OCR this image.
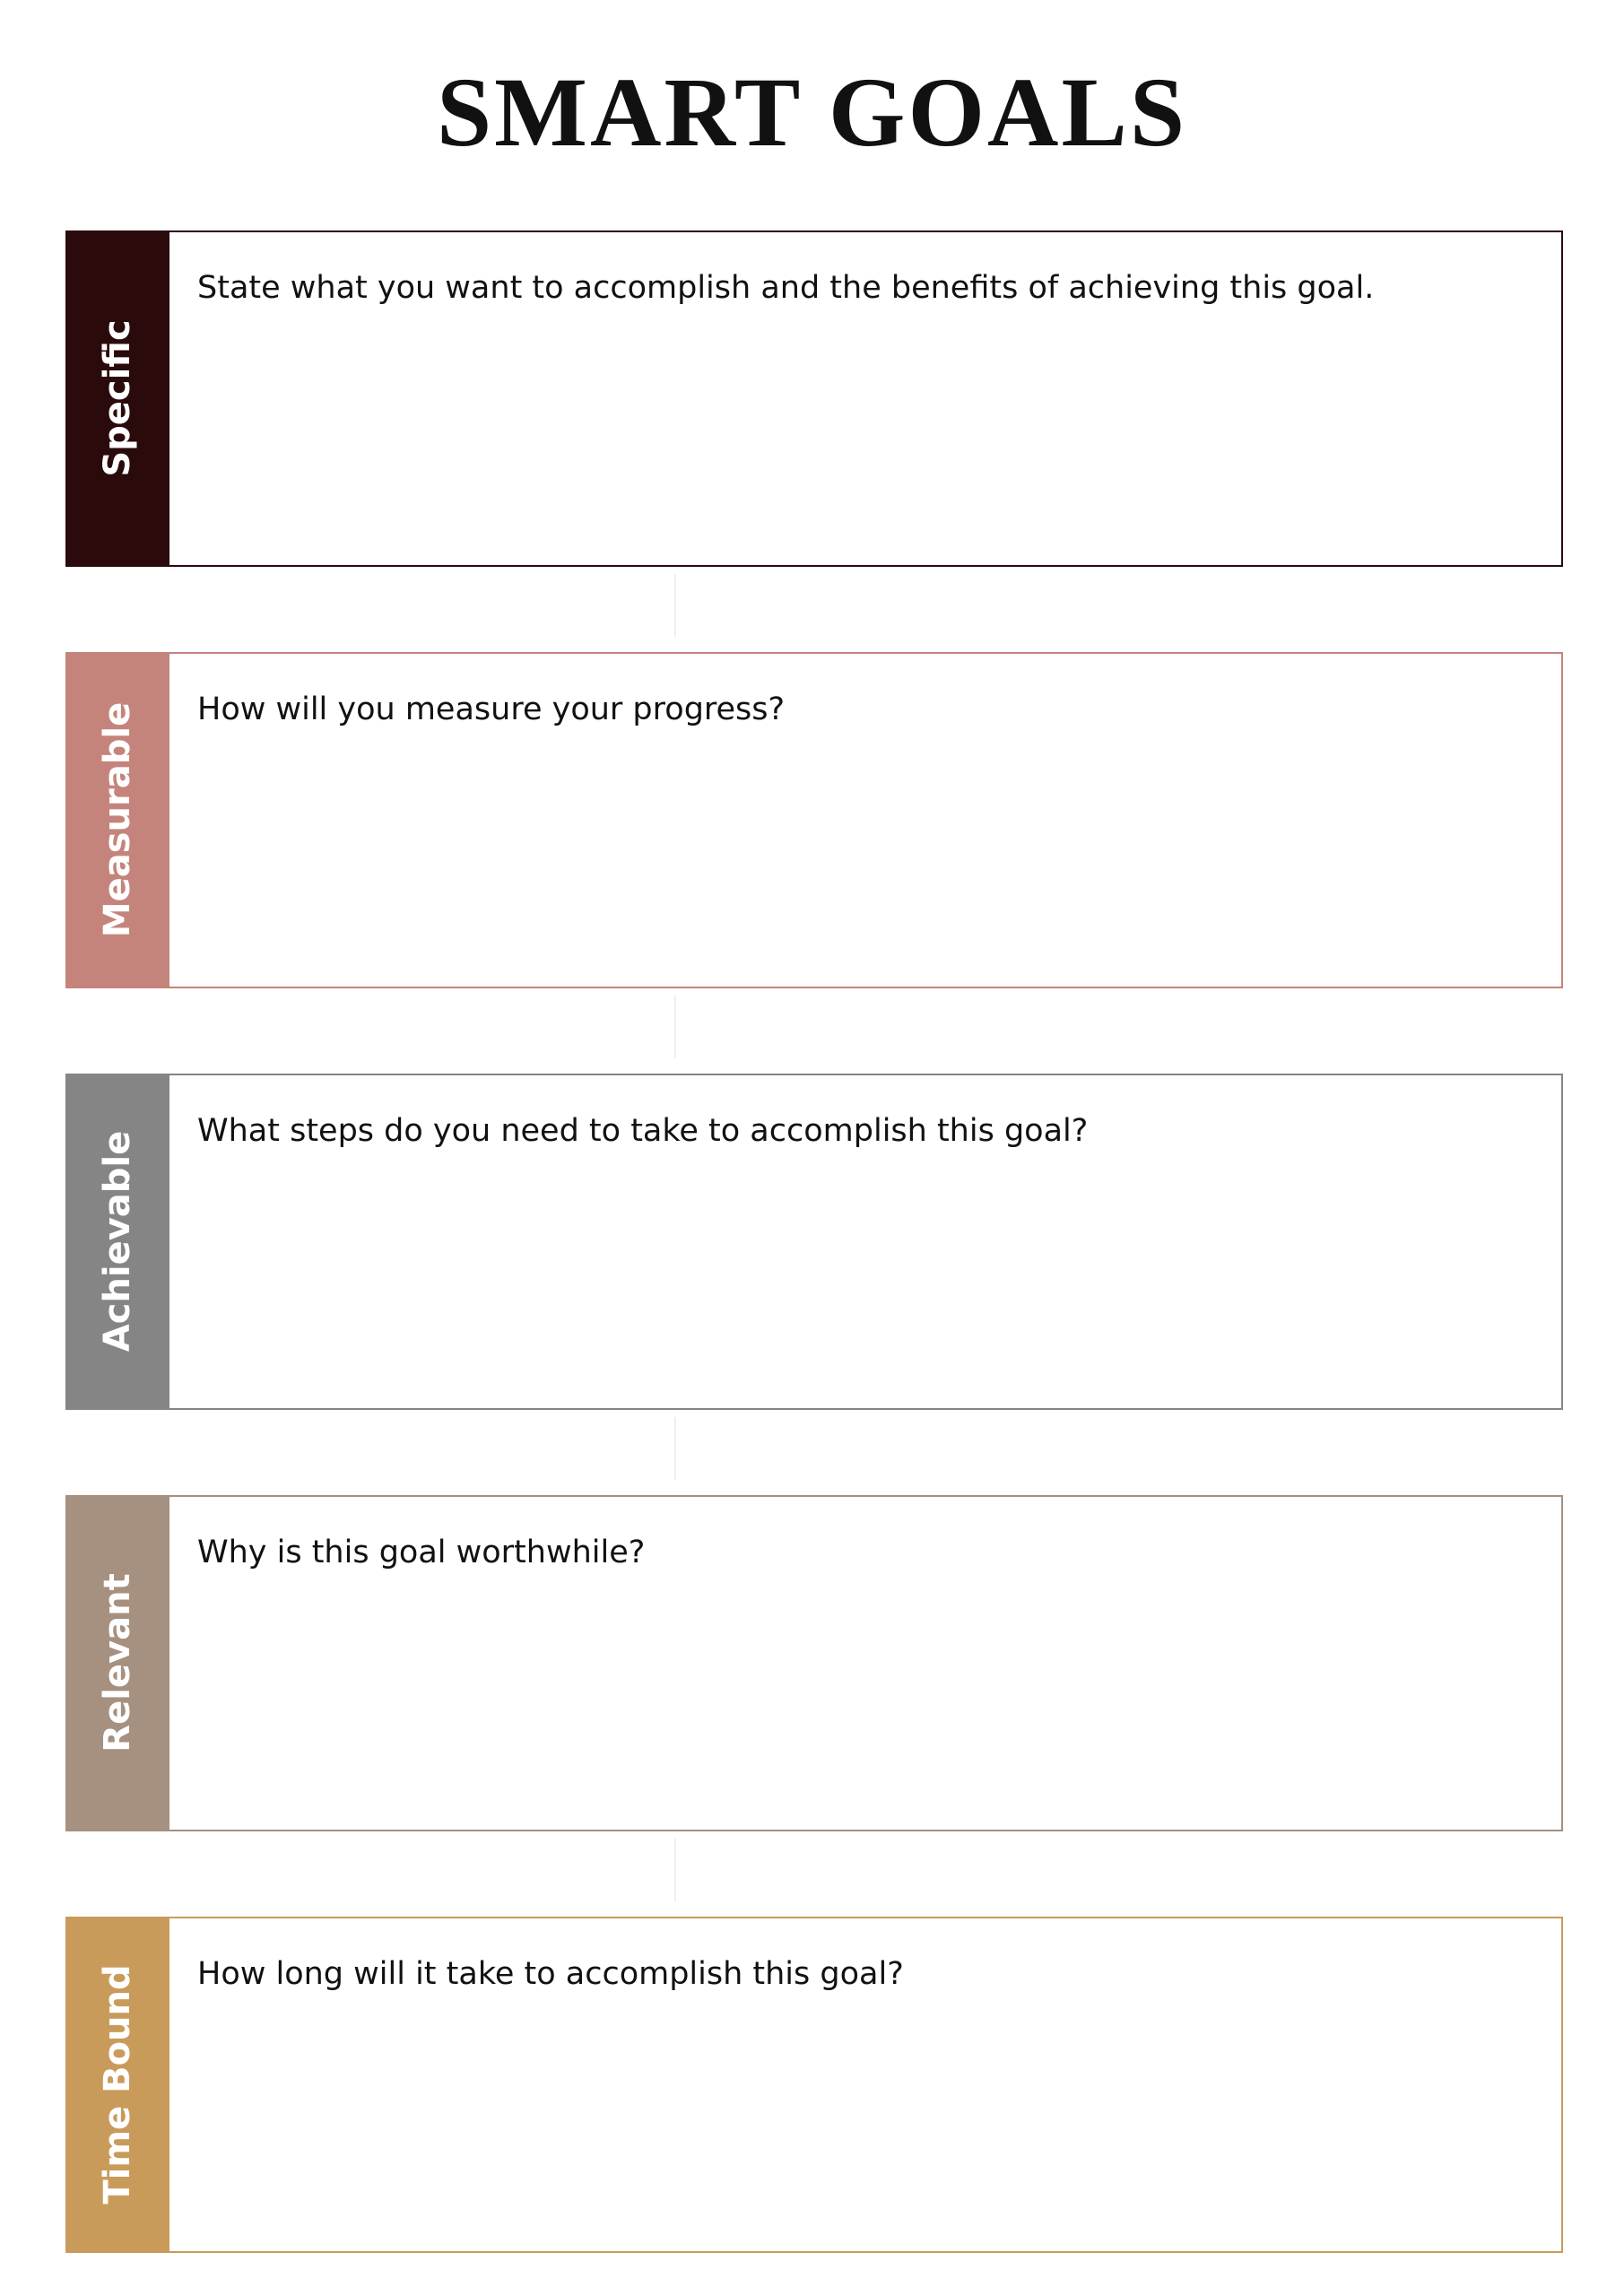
SMART GOALS
Specific
State what you want to accomplish and the benefits of achieving this goal.
Measurable How will you measure your progress?
Achievable What steps do you need to take to accomplish this goal?
Relevant
Why is this goal worthwhile?
Time Bound How long will it take to accomplish this goal?
